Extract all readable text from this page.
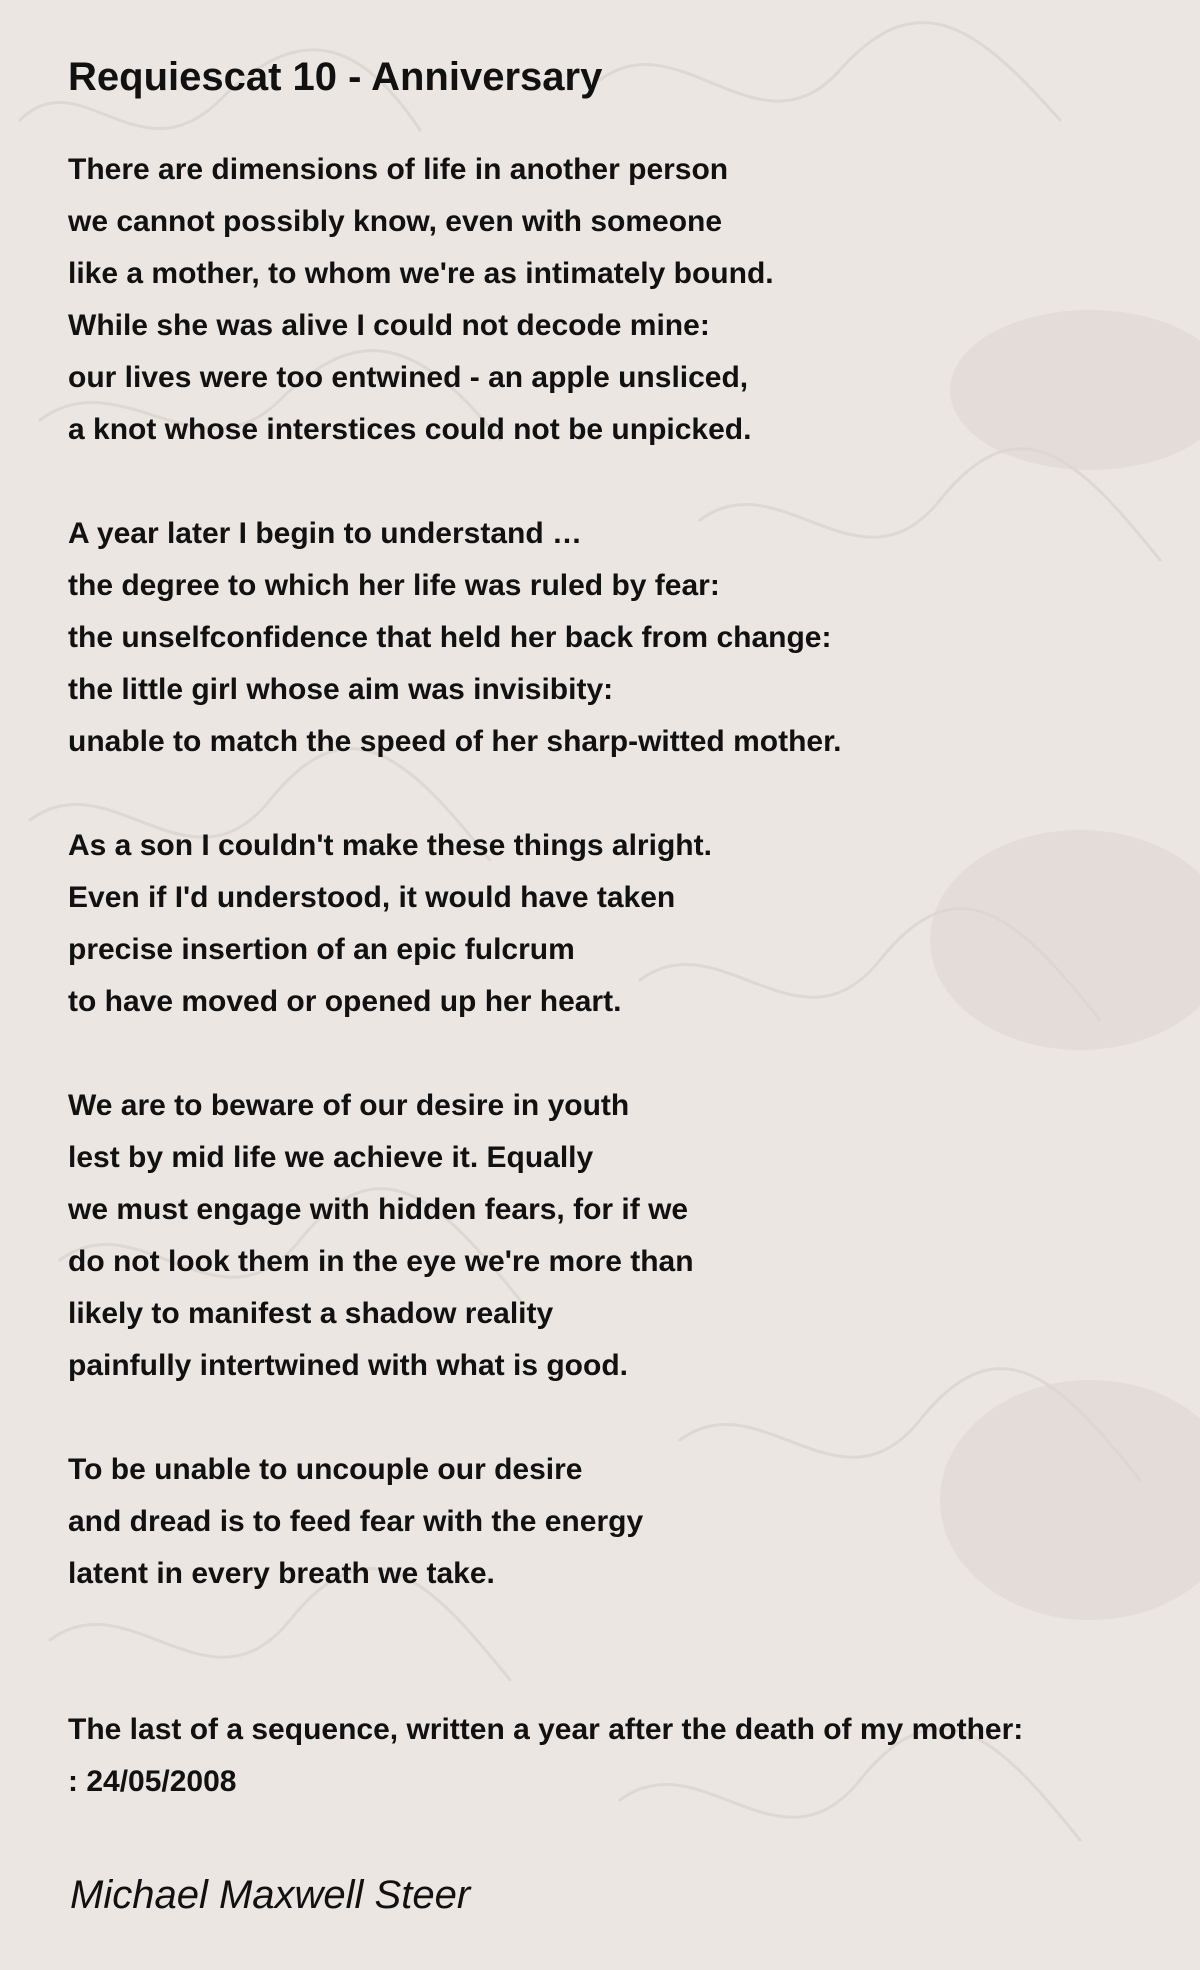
Requiescat 10 - Anniversary

There are dimensions of life in another person
we cannot possibly know, even with someone
like a mother, to whom we're as intimately bound.
While she was alive I could not decode mine:
our lives were too entwined - an apple unsliced,
a knot whose interstices could not be unpicked.

A year later I begin to understand …
the degree to which her life was ruled by fear:
the unselfconfidence that held her back from change:
the little girl whose aim was invisibity:
unable to match the speed of her sharp-witted mother.

As a son I couldn't make these things alright.
Even if I'd understood, it would have taken
precise insertion of an epic fulcrum
to have moved or opened up her heart.

We are to beware of our desire in youth
lest by mid life we achieve it. Equally
we must engage with hidden fears, for if we
do not look them in the eye we're more than
likely to manifest a shadow reality
painfully intertwined with what is good.

To be unable to uncouple our desire
and dread is to feed fear with the energy
latent in every breath we take.

The last of a sequence, written a year after the death of my mother:
: 24/05/2008

Michael Maxwell Steer
